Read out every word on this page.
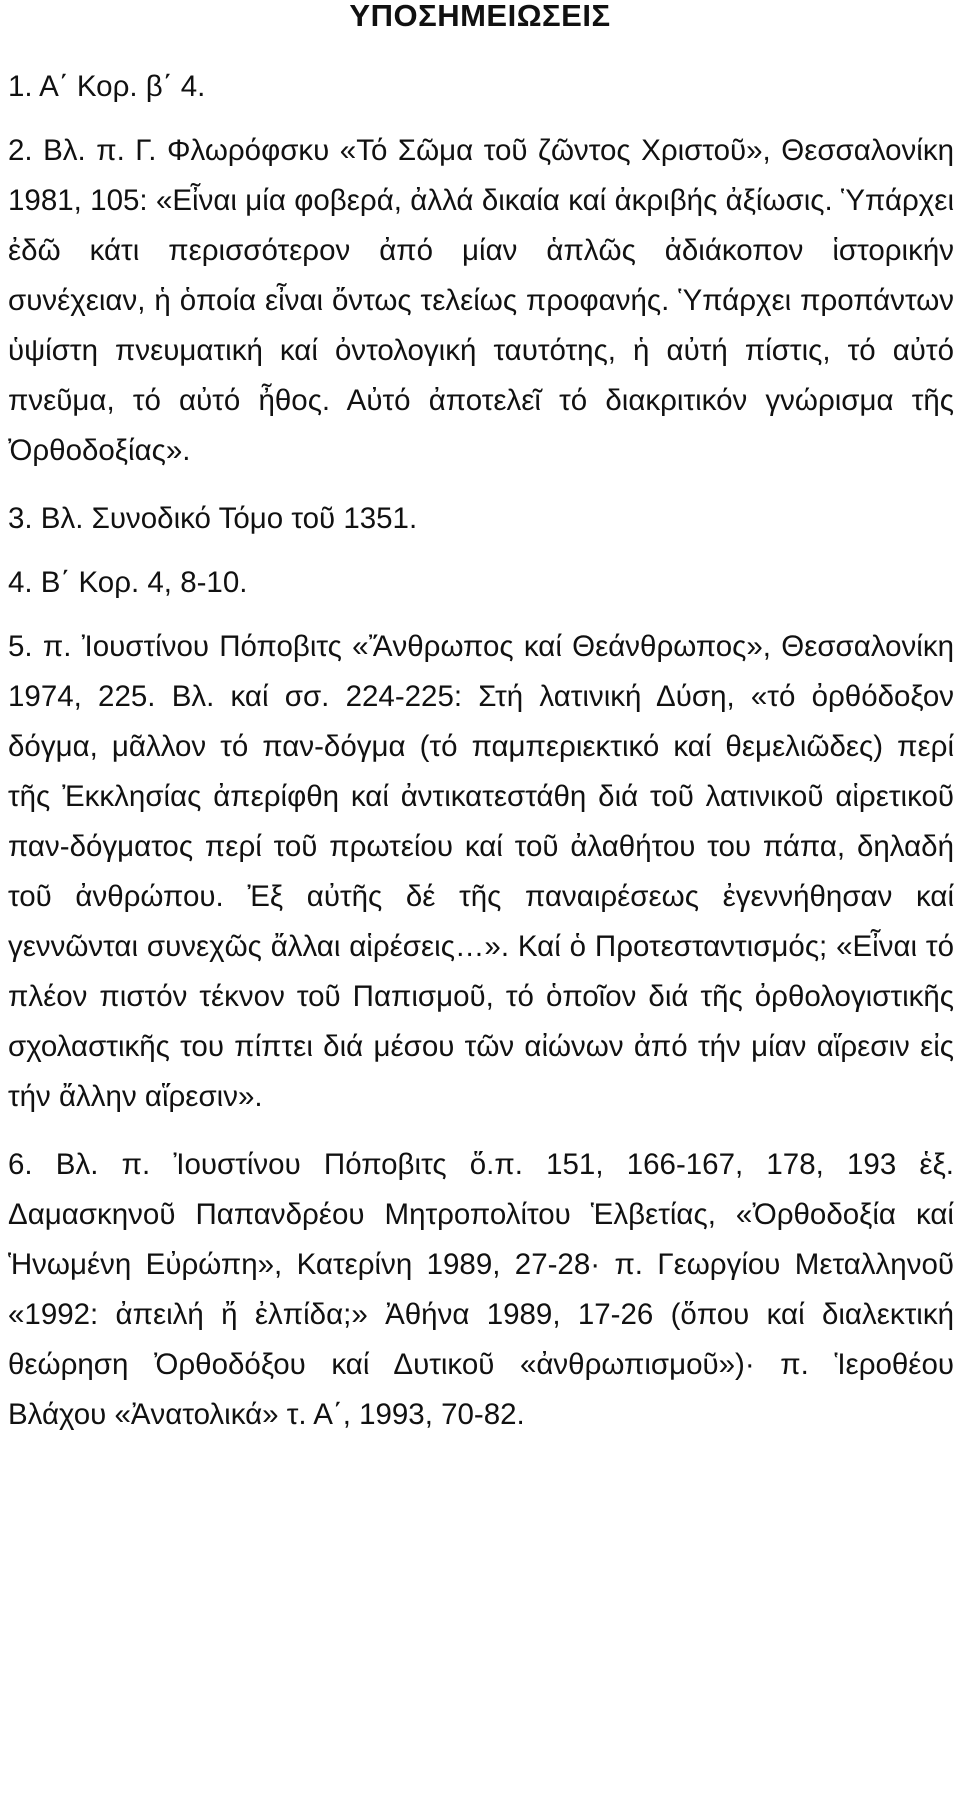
ΥΠΟΣΗΜΕΙΩΣΕΙΣ

1. Α΄ Κορ. β΄ 4.

2. Βλ. π. Γ. Φλωρόφσκυ «Τό Σῶμα τοῦ ζῶντος Χριστοῦ», Θεσσαλονίκη 1981, 105: «Εἶναι μία φοβερά, ἀλλά δικαία καί ἀκριβής ἀξίωσις. Ὑπάρχει ἐδῶ κάτι περισσότερον ἀπό μίαν ἁπλῶς ἀδιάκοπον ἱστορικήν συνέχειαν, ἡ ὁποία εἶναι ὄντως τελείως προφανής. Ὑπάρχει προπάντων ὑψίστη πνευματική καί ὀντολογική ταυτότης, ἡ αὐτή πίστις, τό αὐτό πνεῦμα, τό αὐτό ἦθος. Αὐτό ἀποτελεῖ τό διακριτικόν γνώρισμα τῆς Ὀρθοδοξίας».

3. Βλ. Συνοδικό Τόμο τοῦ 1351.

4. Β΄ Κορ. 4, 8-10.

5. π. Ἰουστίνου Πόποβιτς «Ἄνθρωπος καί Θεάνθρωπος», Θεσσαλονίκη 1974, 225. Βλ. καί σσ. 224-225: Στή λατινική Δύση, «τό ὀρθόδοξον δόγμα, μᾶλλον τό παν-δόγμα (τό παμπεριεκτικό καί θεμελιῶδες) περί τῆς Ἐκκλησίας ἀπερίφθη καί ἀντικατεστάθη διά τοῦ λατινικοῦ αἱρετικοῦ παν-δόγματος περί τοῦ πρωτείου καί τοῦ ἀλαθήτου του πάπα, δηλαδή τοῦ ἀνθρώπου. Ἐξ αὐτῆς δέ τῆς παναιρέσεως ἐγεννήθησαν καί γεννῶνται συνεχῶς ἄλλαι αἱρέσεις…». Καί ὁ Προτεσταντισμός; «Εἶναι τό πλέον πιστόν τέκνον τοῦ Παπισμοῦ, τό ὁποῖον διά τῆς ὀρθολογιστικῆς σχολαστικῆς του πίπτει διά μέσου τῶν αἰώνων ἀπό τήν μίαν αἵρεσιν εἰς τήν ἄλλην αἵρεσιν».

6. Βλ. π. Ἰουστίνου Πόποβιτς ὅ.π. 151, 166-167, 178, 193 ἑξ. Δαμασκηνοῦ Παπανδρέου Μητροπολίτου Ἑλβετίας, «Ὀρθοδοξία καί Ἡνωμένη Εὐρώπη», Κατερίνη 1989, 27-28· π. Γεωργίου Μεταλληνοῦ «1992: ἀπειλή ἤ ἐλπίδα;» Ἀθήνα 1989, 17-26 (ὅπου καί διαλεκτική θεώρηση Ὀρθοδόξου καί Δυτικοῦ «ἀνθρωπισμοῦ»)· π. Ἱεροθέου Βλάχου «Ἀνατολικά» τ. Α΄, 1993, 70-82.
